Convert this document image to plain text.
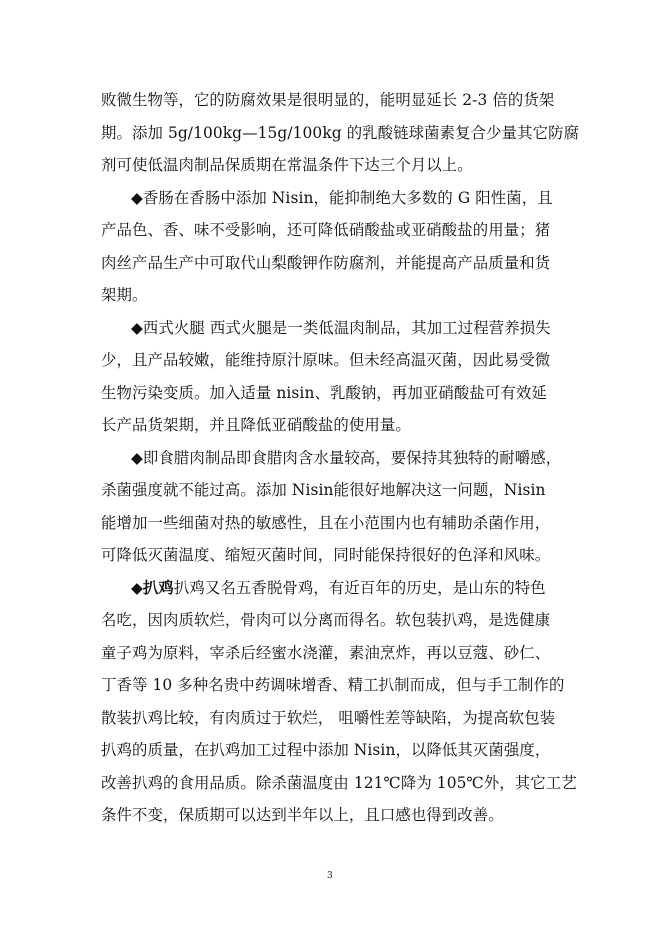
败微生物等，它的防腐效果是很明显的，能明显延长 2-3 倍的货架
期。添加 5g/100kg—15g/100kg 的乳酸链球菌素复合少量其它防腐
剂可使低温肉制品保质期在常温条件下达三个月以上。
◆香肠在香肠中添加 Nisin，能抑制绝大多数的 G 阳性菌，且
产品色、香、味不受影响，还可降低硝酸盐或亚硝酸盐的用量；猪
肉丝产品生产中可取代山梨酸钾作防腐剂，并能提高产品质量和货
架期。
◆西式火腿 西式火腿是一类低温肉制品，其加工过程营养损失
少，且产品较嫩，能维持原汁原味。但未经高温灭菌，因此易受微
生物污染变质。加入适量 nisin、乳酸钠，再加亚硝酸盐可有效延
长产品货架期，并且降低亚硝酸盐的使用量。
◆即食腊肉制品即食腊肉含水量较高，要保持其独特的耐嚼感，
杀菌强度就不能过高。添加 Nisin能很好地解决这一问题，Nisin
能增加一些细菌对热的敏感性，且在小范围内也有辅助杀菌作用，
可降低灭菌温度、缩短灭菌时间，同时能保持很好的色泽和风味。
◆扒鸡扒鸡又名五香脱骨鸡，有近百年的历史，是山东的特色
名吃，因肉质软烂，骨肉可以分离而得名。软包装扒鸡，是选健康
童子鸡为原料，宰杀后经蜜水浇灌，素油烹炸，再以豆蔻、砂仁、
丁香等 10 多种名贵中药调味增香、精工扒制而成，但与手工制作的
散装扒鸡比较，有肉质过于软烂， 咀嚼性差等缺陷，为提高软包装
扒鸡的质量，在扒鸡加工过程中添加 Nisin，以降低其灭菌强度，
改善扒鸡的食用品质。除杀菌温度由 121℃降为 105℃外，其它工艺
条件不变，保质期可以达到半年以上，且口感也得到改善。
3
